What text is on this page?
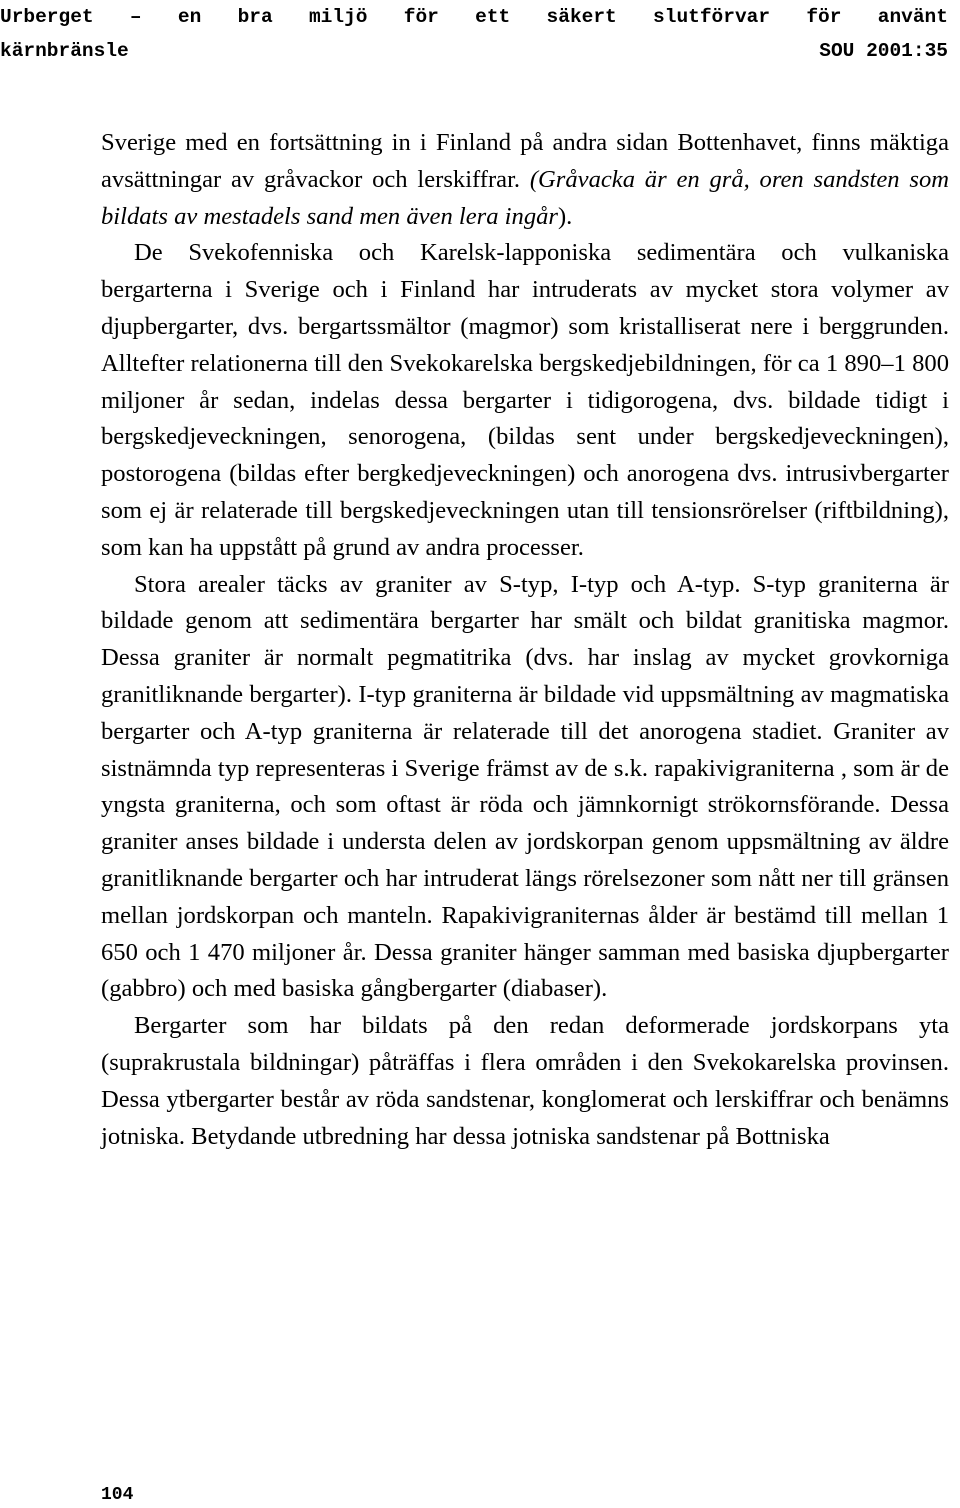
Urberget – en bra miljö för ett säkert slutförvar för använt
kärnbränsle	SOU 2001:35

Sverige med en fortsättning in i Finland på andra sidan Bottenhavet, finns mäktiga avsättningar av gråvackor och lerskiffrar. (Gråvacka är en grå, oren sandsten som bildats av mestadels sand men även lera ingår).

De Svekofenniska och Karelsk-lapponiska sedimentära och vulkaniska bergarterna i Sverige och i Finland har intruderats av mycket stora volymer av djupbergarter, dvs. bergartssmältor (magmor) som kristalliserat nere i berggrunden. Alltefter relationerna till den Svekokarelska bergskedjebildningen, för ca 1 890–1 800 miljoner år sedan, indelas dessa bergarter i tidigorogena, dvs. bildade tidigt i bergskedjeveckningen, senorogena, (bildas sent under bergskedjeveckningen), postorogena (bildas efter bergkedjeveckningen) och anorogena dvs. intrusivbergarter som ej är relaterade till bergskedjeveckningen utan till tensionsrörelser (riftbildning), som kan ha uppstått på grund av andra processer.

Stora arealer täcks av graniter av S-typ, I-typ och A-typ. S-typ graniterna är bildade genom att sedimentära bergarter har smält och bildat granitiska magmor. Dessa graniter är normalt pegmatitrika (dvs. har inslag av mycket grovkorniga granitliknande bergarter). I-typ graniterna är bildade vid uppsmältning av magmatiska bergarter och A-typ graniterna är relaterade till det anorogena stadiet. Graniter av sistnämnda typ representeras i Sverige främst av de s.k. rapakivigraniterna , som är de yngsta graniterna, och som oftast är röda och jämnkornigt strökornsförande. Dessa graniter anses bildade i understa delen av jordskorpan genom uppsmältning av äldre granitliknande bergarter och har intruderat längs rörelsezoner som nått ner till gränsen mellan jordskorpan och manteln. Rapakivigraniternas ålder är bestämd till mellan 1 650 och 1 470 miljoner år. Dessa graniter hänger samman med basiska djupbergarter (gabbro) och med basiska gångbergarter (diabaser).

Bergarter som har bildats på den redan deformerade jordskorpans yta (suprakrustala bildningar) påträffas i flera områden i den Svekokarelska provinsen. Dessa ytbergarter består av röda sandstenar, konglomerat och lerskiffrar och benämns jotniska. Betydande utbredning har dessa jotniska sandstenar på Bottniska

104
